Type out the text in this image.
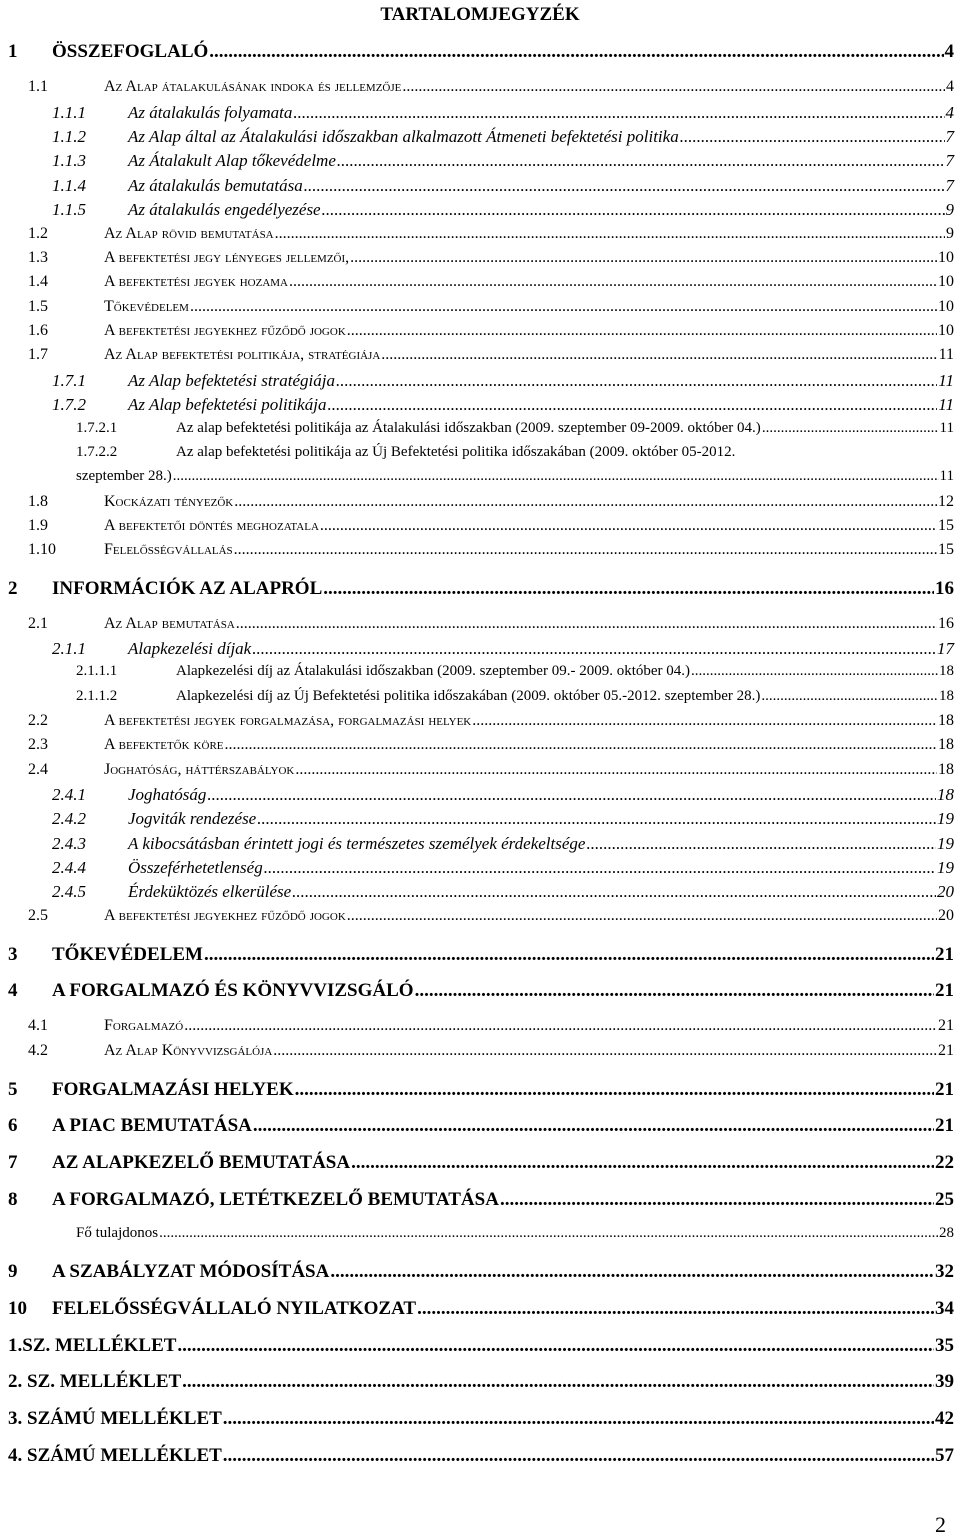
TARTALOMJEGYZÉK
1 ÖSSZEFOGLALÓ .....	4
1.1	Az Alap átalakulásának indoka és jellemzője .....	4
1.1.1 Az átalakulás folyamata .....	4
1.1.2 Az Alap által az Átalakulási időszakban alkalmazott Átmeneti befektetési politika .....	7
1.1.3 Az Átalakult Alap tőkevédelme .....	7
1.1.4 Az átalakulás bemutatása .....	7
1.1.5 Az átalakulás engedélyezése .....	9
1.2	Az Alap rövid bemutatása .....	9
1.3	A befektetési jegy lényeges jellemzői, .....	10
1.4	A befektetési jegyek hozama .....	10
1.5	Tőkevédelem .....	10
1.6	A befektetési jegyekhez fűződő jogok .....	10
1.7	Az Alap befektetési politikája, stratégiája .....	11
1.7.1 Az Alap befektetési stratégiája .....	11
1.7.2 Az Alap befektetési politikája .....	11
1.7.2.1	Az alap befektetési politikája az Átalakulási időszakban (2009. szeptember 09-2009. október 04.) .....	11
1.7.2.2	Az alap befektetési politikája az Új Befektetési politika időszakában (2009. október 05-2012.
szeptember 28.) .....	11
1.8	Kockázati tényezők .....	12
1.9	A befektetői döntés meghozatala .....	15
1.10	Felelősségvállalás .....	15
2 INFORMÁCIÓK AZ ALAPRÓL .....	16
2.1	Az Alap bemutatása .....	16
2.1.1 Alapkezelési díjak .....	17
2.1.1.1	Alapkezelési díj az Átalakulási időszakban (2009. szeptember 09.- 2009. október 04.) .....	18
2.1.1.2	Alapkezelési díj az Új Befektetési politika időszakában (2009. október 05.-2012. szeptember 28.) .....	18
2.2	A befektetési jegyek forgalmazása, forgalmazási helyek .....	18
2.3	A befektetők köre .....	18
2.4	Joghatóság, háttérszabályok .....	18
2.4.1 Joghatóság .....	18
2.4.2 Jogviták rendezése .....	19
2.4.3 A kibocsátásban érintett jogi és természetes személyek érdekeltsége .....	19
2.4.4 Összeférhetetlenség .....	19
2.4.5 Érdeküktözés elkerülése .....	20
2.5	A befektetési jegyekhez fűződő jogok .....	20
3 TŐKEVÉDELEM .....	21
4 A FORGALMAZÓ ÉS KÖNYVVIZSGÁLÓ .....	21
4.1	Forgalmazó .....	21
4.2	Az Alap Könyvvizsgálója .....	21
5 FORGALMAZÁSI HELYEK .....	21
6 A PIAC BEMUTATÁSA .....	21
7 AZ ALAPKEZELŐ BEMUTATÁSA .....	22
8 A FORGALMAZÓ, LETÉTKEZELŐ BEMUTATÁSA .....	25
Fő tulajdonos .....	28
9 A SZABÁLYZAT MÓDOSÍTÁSA .....	32
10 FELELŐSSÉGVÁLLALÓ NYILATKOZAT .....	34
1.SZ. MELLÉKLET .....	35
2. SZ. MELLÉKLET .....	39
3. SZÁMÚ MELLÉKLET .....	42
4. SZÁMÚ MELLÉKLET .....	57
2
